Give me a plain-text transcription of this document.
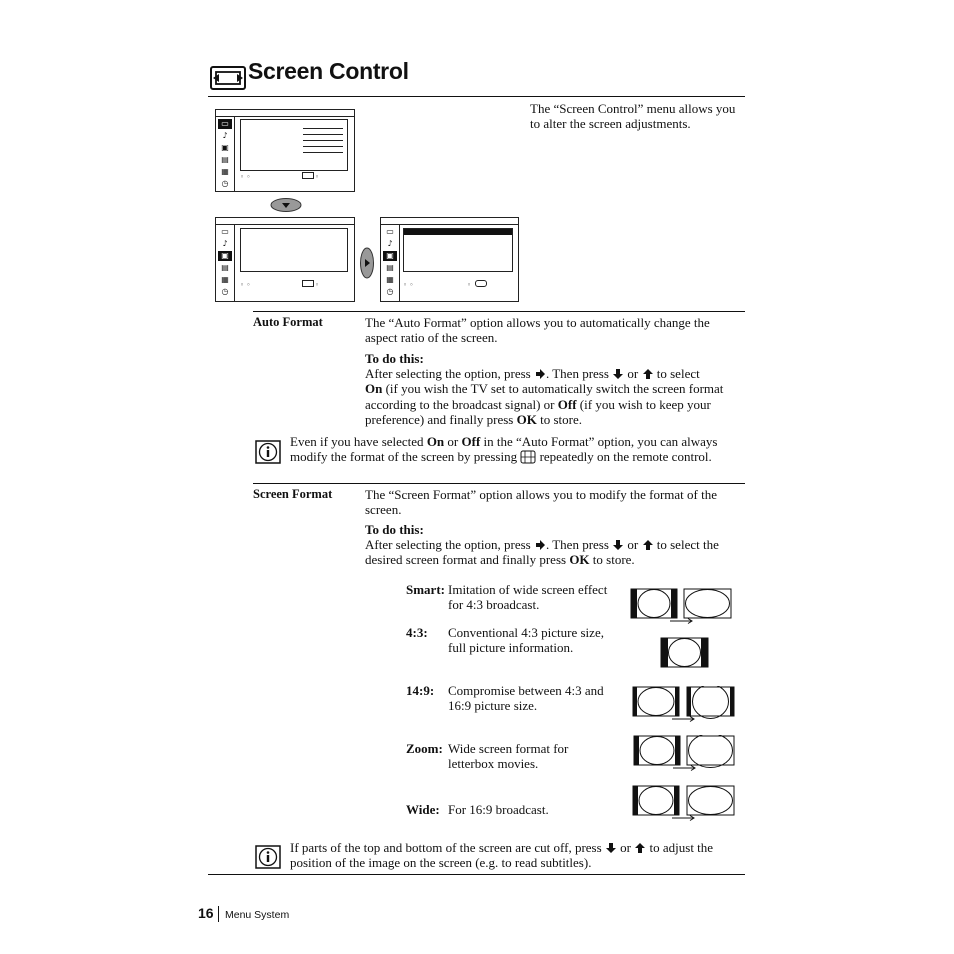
Screen Control
The “Screen Control” menu allows you to alter the screen adjustments.
▭
♪
▣
▤
▦
◷
◦ ◦	◦
▭
♪
▣
▤
▦
◷
◦ ◦	◦
▭
♪
▣
▤
▦
◷
◦ ◦	◦
Auto Format	The “Auto Format” option allows you to automatically change the aspect ratio of the screen.
To do this:
After selecting the option, press . Then press or to select
On (if you wish the TV set to automatically switch the screen format according to the broadcast signal) or Off (if you wish to keep your preference) and finally press OK to store.
Even if you have selected On or Off in the “Auto Format” option, you can always modify the format of the screen by pressing repeatedly on the remote control.
Screen Format	The “Screen Format” option allows you to modify the format of the screen.
To do this:
After selecting the option, press . Then press or to select the desired screen format and finally press OK to store.
Smart: Imitation of wide screen effect
for 4:3 broadcast.
4:3: Conventional 4:3 picture size,
full picture information.
14:9: Compromise between 4:3 and
16:9 picture size.
Zoom: Wide screen format for
letterbox movies.
Wide: For 16:9 broadcast.
If parts of the top and bottom of the screen are cut off, press or to adjust the position of the image on the screen (e.g. to read subtitles).
16 Menu System
